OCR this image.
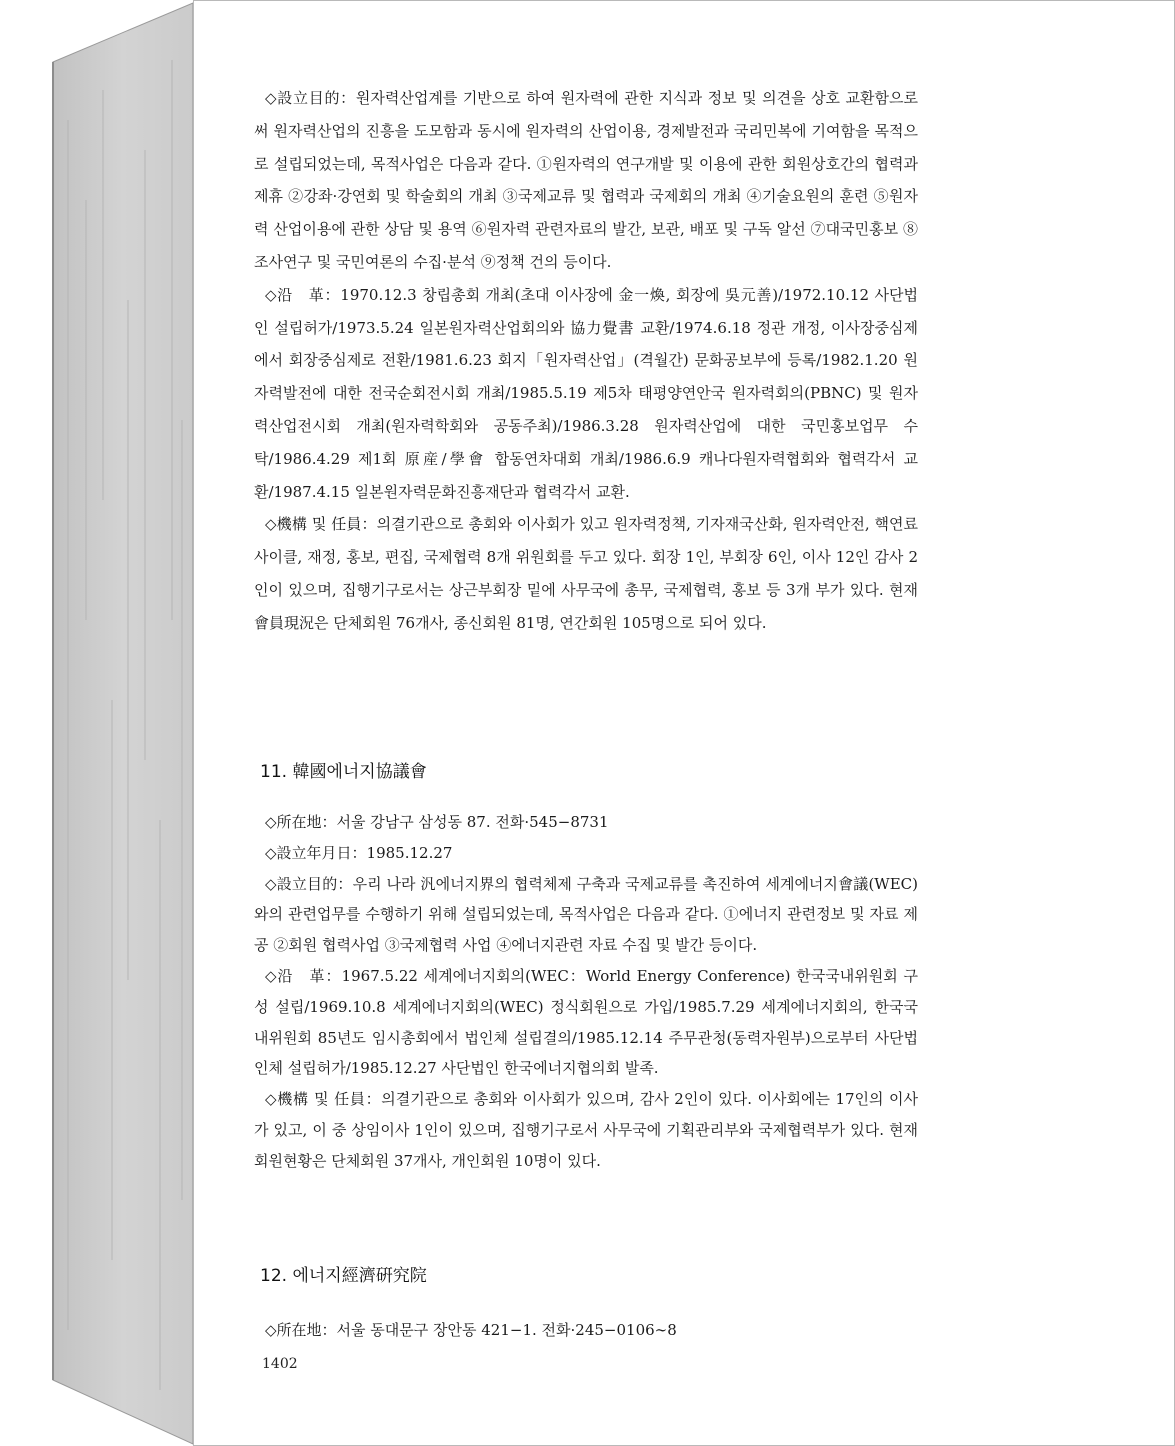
◇設立目的：원자력산업계를 기반으로 하여 원자력에 관한 지식과 정보 및 의견을 상호 교환함으로써 원자력산업의 진흥을 도모함과 동시에 원자력의 산업이용, 경제발전과 국리민복에 기여함을 목적으로 설립되었는데, 목적사업은 다음과 같다. ①원자력의 연구개발 및 이용에 관한 회원상호간의 협력과 제휴 ②강좌·강연회 및 학술회의 개최 ③국제교류 및 협력과 국제회의 개최 ④기술요원의 훈련 ⑤원자력 산업이용에 관한 상담 및 용역 ⑥원자력 관련자료의 발간, 보관, 배포 및 구독 알선 ⑦대국민홍보 ⑧조사연구 및 국민여론의 수집·분석 ⑨정책 건의 등이다.

◇沿　革：1970.12.3 창립총회 개최(초대 이사장에 金一煥, 회장에 吳元善)/1972.10.12 사단법인 설립허가/1973.5.24 일본원자력산업회의와 協力覺書 교환/1974.6.18 정관 개정, 이사장중심제에서 회장중심제로 전환/1981.6.23 회지「원자력산업」(격월간) 문화공보부에 등록/1982.1.20 원자력발전에 대한 전국순회전시회 개최/1985.5.19 제5차 태평양연안국 원자력회의(PBNC) 및 원자력산업전시회 개최(원자력학회와 공동주최)/1986.3.28 원자력산업에 대한 국민홍보업무 수탁/1986.4.29 제1회 原産/學會 합동연차대회 개최/1986.6.9 캐나다원자력협회와 협력각서 교환/1987.4.15 일본원자력문화진흥재단과 협력각서 교환.

◇機構 및 任員：의결기관으로 총회와 이사회가 있고 원자력정책, 기자재국산화, 원자력안전, 핵연료사이클, 재정, 홍보, 편집, 국제협력 8개 위원회를 두고 있다. 회장 1인, 부회장 6인, 이사 12인 감사 2인이 있으며, 집행기구로서는 상근부회장 밑에 사무국에 총무, 국제협력, 홍보 등 3개 부가 있다. 현재 會員現況은 단체회원 76개사, 종신회원 81명, 연간회원 105명으로 되어 있다.

11. 韓國에너지協議會

◇所在地：서울 강남구 삼성동 87. 전화·545−8731

◇設立年月日：1985.12.27

◇設立目的：우리 나라 汎에너지界의 협력체제 구축과 국제교류를 촉진하여 세계에너지會議(WEC)와의 관련업무를 수행하기 위해 설립되었는데, 목적사업은 다음과 같다. ①에너지 관련정보 및 자료 제공 ②회원 협력사업 ③국제협력 사업 ④에너지관련 자료 수집 및 발간 등이다.

◇沿　革：1967.5.22 세계에너지회의(WEC：World Energy Conference) 한국국내위원회 구성 설립/1969.10.8 세계에너지회의(WEC) 정식회원으로 가입/1985.7.29 세계에너지회의, 한국국내위원회 85년도 임시총회에서 법인체 설립결의/1985.12.14 주무관청(동력자원부)으로부터 사단법인체 설립허가/1985.12.27 사단법인 한국에너지협의회 발족.

◇機構 및 任員：의결기관으로 총회와 이사회가 있으며, 감사 2인이 있다. 이사회에는 17인의 이사가 있고, 이 중 상임이사 1인이 있으며, 집행기구로서 사무국에 기획관리부와 국제협력부가 있다. 현재 회원현황은 단체회원 37개사, 개인회원 10명이 있다.

12. 에너지經濟硏究院

◇所在地：서울 동대문구 장안동 421−1. 전화·245−0106∼8

1402
